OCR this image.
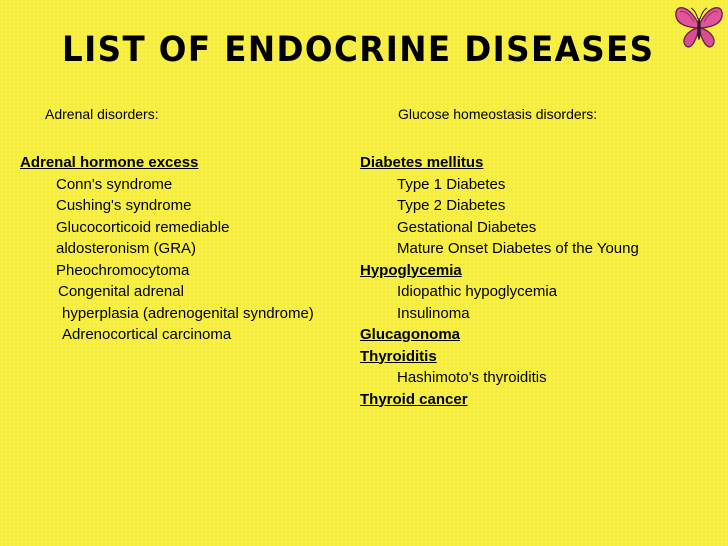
LIST OF ENDOCRINE DISEASES
Adrenal disorders:	Glucose homeostasis disorders:
Adrenal hormone excess
Conn's syndrome
Cushing's syndrome
Glucocorticoid remediable
aldosteronism (GRA)
Pheochromocytoma
Congenital adrenal
hyperplasia (adrenogenital syndrome)
Adrenocortical carcinoma
Diabetes mellitus
Type 1 Diabetes
Type 2 Diabetes
Gestational Diabetes
Mature Onset Diabetes of the Young
Hypoglycemia
Idiopathic hypoglycemia
Insulinoma
Glucagonoma
Thyroiditis
Hashimoto's thyroiditis
Thyroid cancer
